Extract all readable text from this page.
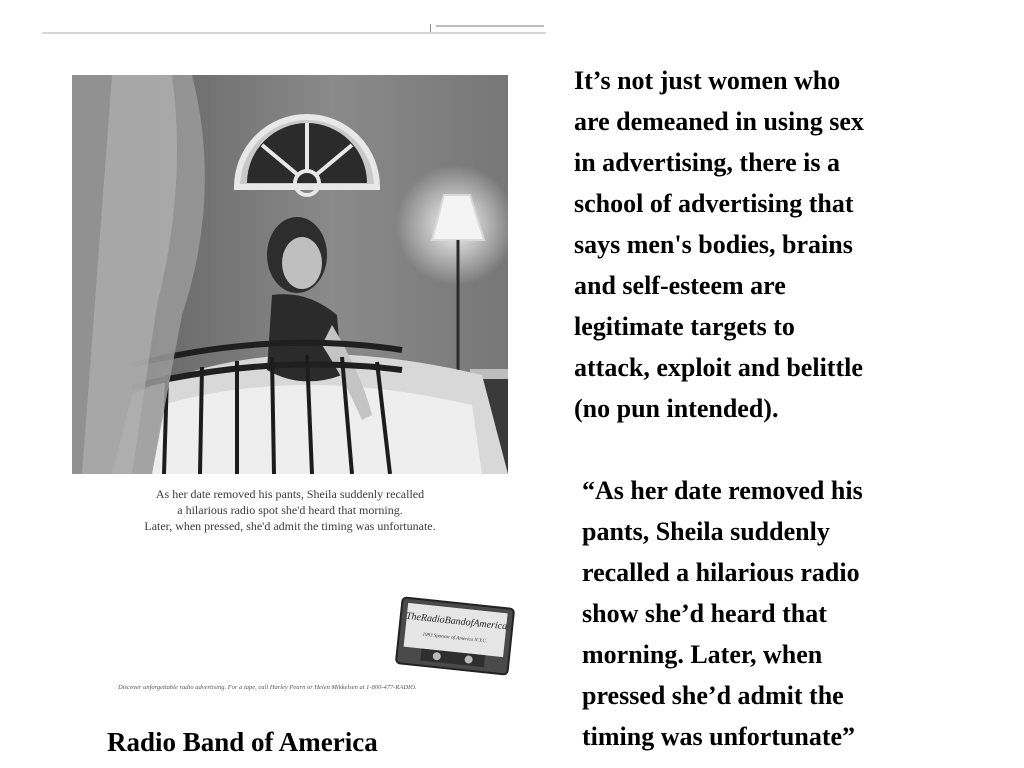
As her date removed his pants, Sheila suddenly recalled
a hilarious radio spot she'd heard that morning.
Later, when pressed, she'd admit the timing was unfortunate.
TheRadioBandofAmerica
1993 Sponsor of America N.Y.C.
Discover unforgettable radio advertising. For a tape, call Harley Pearn or Helen Mikkelsen at 1-800-477-RADIO.
Radio Band of America
It’s not just women who
are demeaned in using sex
in advertising, there is a
school of advertising that
says men's bodies, brains
and self-esteem are
legitimate targets to
attack, exploit and belittle
(no pun intended).
“As her date removed his
pants, Sheila suddenly
recalled a hilarious radio
show she’d heard that
morning. Later, when
pressed she’d admit the
timing was unfortunate”
